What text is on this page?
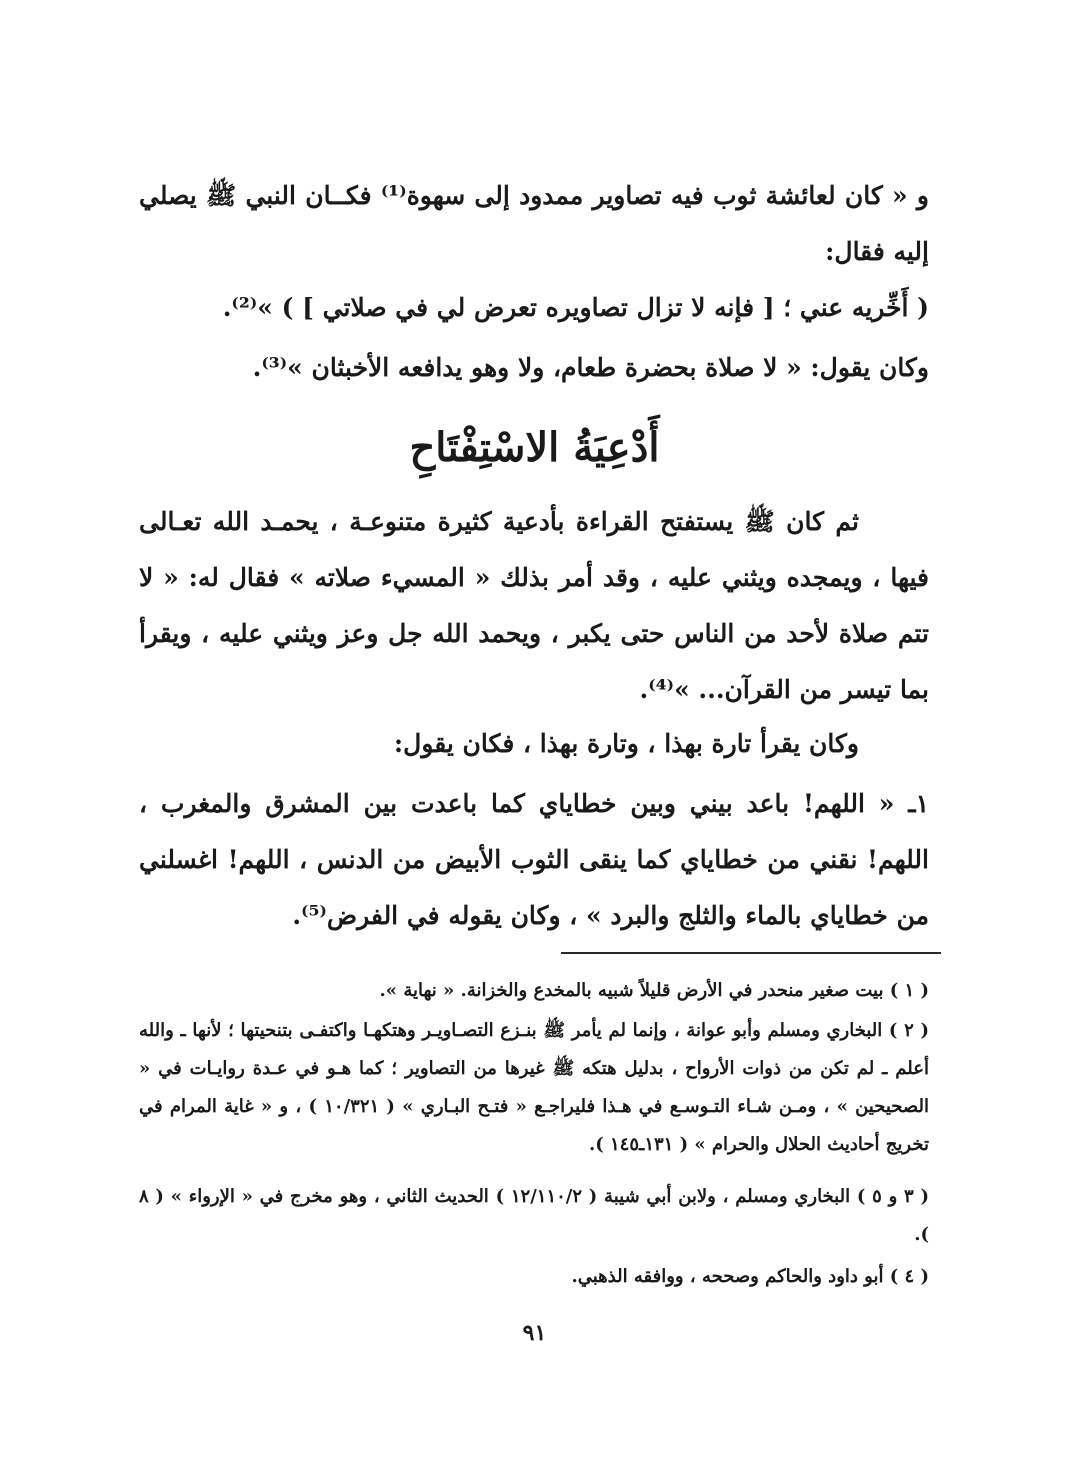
و « كان لعائشة ثوب فيه تصاوير ممدود إلى سهوة⁽¹⁾ فكــان النبي ﷺ يصلي إليه فقال:

( أَخِّريه عني ؛ [ فإنه لا تزال تصاويره تعرض لي في صلاتي ] ) »⁽²⁾.

وكان يقول: « لا صلاة بحضرة طعام، ولا وهو يدافعه الأخبثان »⁽³⁾.

أَدْعِيَةُ الاسْتِفْتَاحِ

ثم كان ﷺ يستفتح القراءة بأدعية كثيرة متنوعـة ، يحمـد الله تعـالى فيها ، ويمجده ويثني عليه ، وقد أمر بذلك « المسيء صلاته » فقال له: « لا تتم صلاة لأحد من الناس حتى يكبر ، ويحمد الله جل وعز ويثني عليه ، ويقرأ بما تيسر من القرآن... »⁽⁴⁾.

وكان يقرأ تارة بهذا ، وتارة بهذا ، فكان يقول:

١ـ « اللهم! باعد بيني وبين خطاياي كما باعدت بين المشرق والمغرب ، اللهم! نقني من خطاياي كما ينقى الثوب الأبيض من الدنس ، اللهم! اغسلني من خطاياي بالماء والثلج والبرد » ، وكان يقوله في الفرض⁽⁵⁾.

( ١ ) بيت صغير منحدر في الأرض قليلاً شبيه بالمخدع والخزانة. « نهاية ».

( ٢ ) البخاري ومسلم وأبو عوانة ، وإنما لم يأمر ﷺ بنـزع التصـاويـر وهتكهـا واكتفـى بتنحيتها ؛ لأنها ـ والله أعلم ـ لم تكن من ذوات الأرواح ، بدليل هتكه ﷺ غيرها من التصاوير ؛ كما هـو في عـدة روايـات في « الصحيحين » ، ومـن شـاء التـوسـع في هـذا فليراجـع « فتـح البـاري » ( ١٠/٣٢١ ) ، و « غاية المرام في تخريج أحاديث الحلال والحرام » ( ١٣١ـ١٤٥ ).

( ٣ و ٥ ) البخاري ومسلم ، ولابن أبي شيبة ( ١٢/١١٠/٢ ) الحديث الثاني ، وهو مخرج في « الإرواء » ( ٨ ).

( ٤ ) أبو داود والحاكم وصححه ، ووافقه الذهبي.

٩١
